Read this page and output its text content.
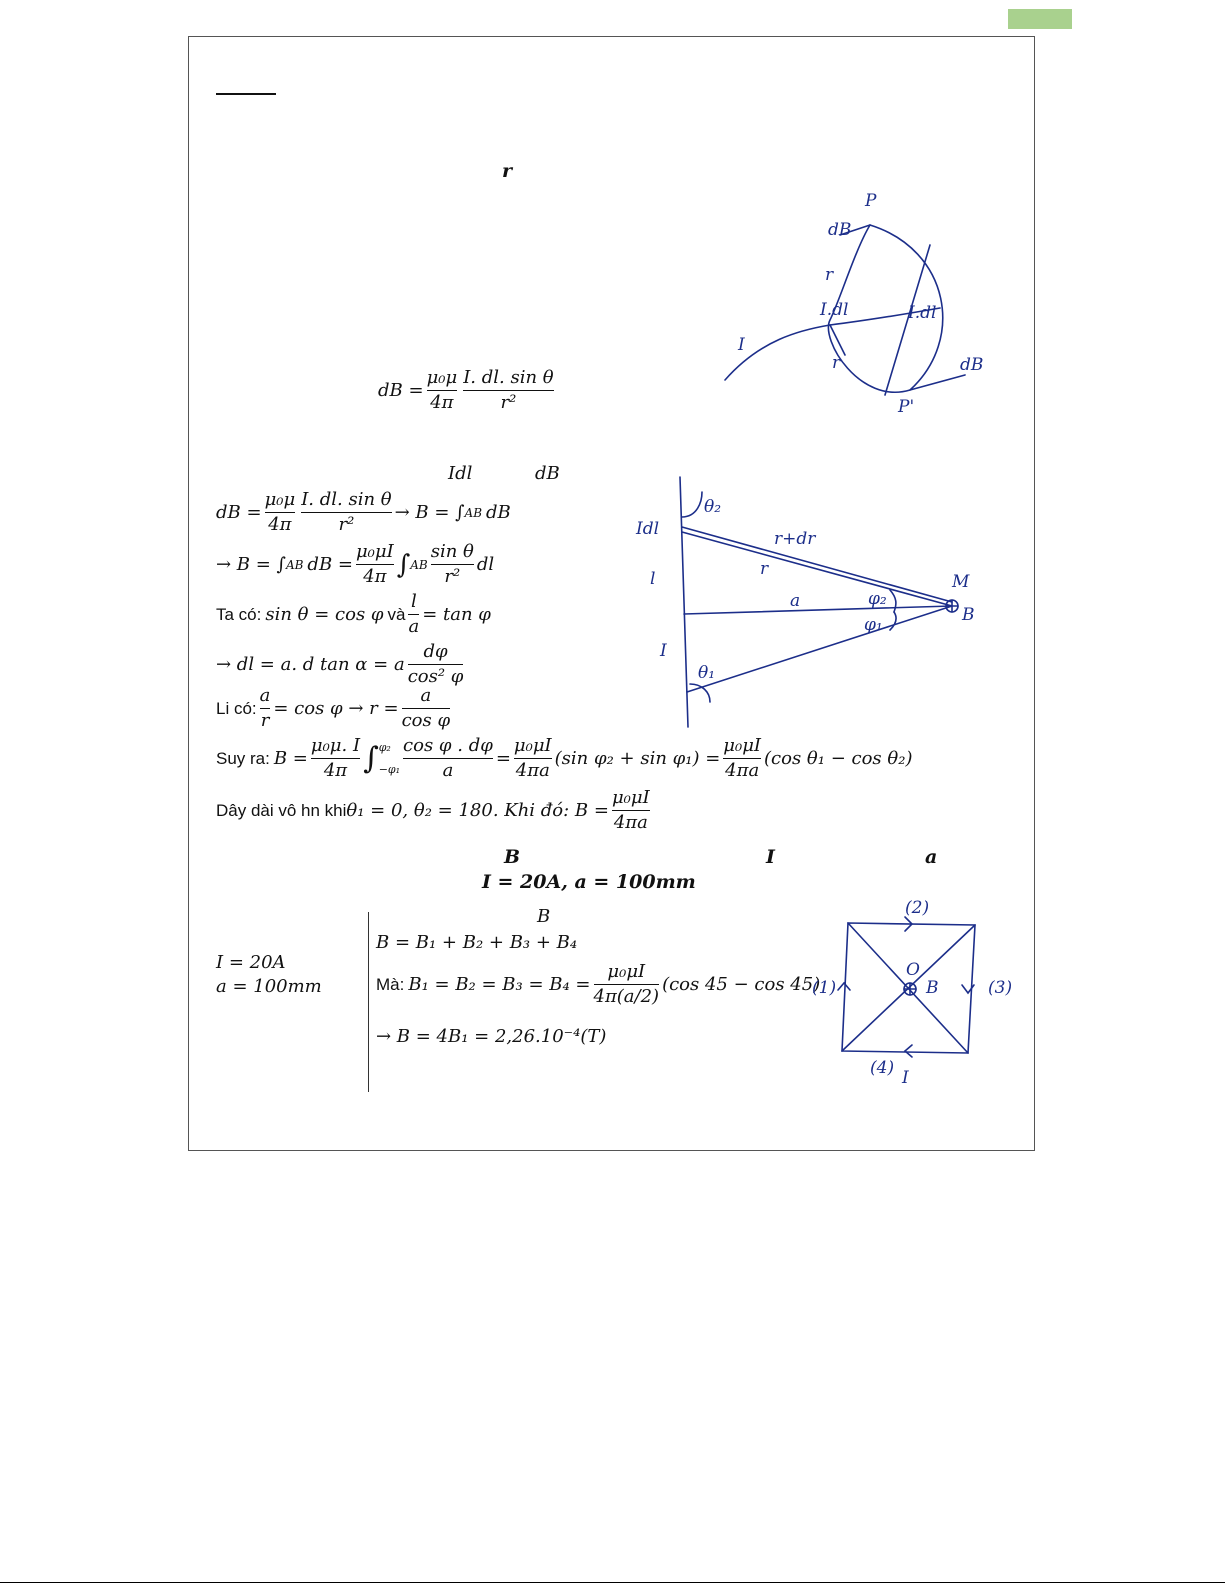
r
dB = $\frac{\text{μ₀μ}}{4\pi} \frac{\text{I. dl. sin θ}}{\text{r²}}$
P
dB
r
I.dl	I.dl
I
r
P'
dB
Idl	dB
dB = $\frac{\text{μ₀μ}}{4\pi} \frac{\text{I. dl. sin θ}}{\text{r²}} \to B$ = ∫ AB dB
→ B = ∫ AB dB = $\frac{\text{μ₀μI}}{4\pi}$ ∫ AB $\frac{\text{sin θ}}{\text{r²}}$ dl
Ta có: sin θ = cos φ và $\frac{l}{a} = \tan \varphi$
→ dl = a. d tan α = a $\frac{d\varphi}{\text{cos² φ}}$
Li có: $\frac{a}{r} = \cos \varphi \to r = \frac{a}{\text{cos φ}}$
Suy ra: $B = \frac{\text{μ₀μ. I}}{4\pi}$ ∫ φ₂
$-\varphi_1 \frac{\text{cos φ . dφ}}{a} = \frac{\text{μ₀μI}}{4\pi a} (\sin$ $\varphi_2 + \sin \varphi_1) = \frac{\text{μ₀μI}}{4\pi a} (\cos$ θ₁ − cos θ₂)
Dây dài vô hn khi θ₁ = 0, θ₂ = 180. Khi đó: $B = \frac{\text{μ₀μI}}{4\pi a}$
θ₂
Idl	r+dr
r
M
B
l
a	φ₂
φ₁
I
θ₁
B	I	a
I = 20A, a = 100mm
I = 20A
a = 100mm
B
B = B₁ + B₂ + B₃ + B₄
Mà: $B_1 = B_2 = B_3 = B_4 = \frac{\text{μ₀μI}}{4\pi(a/2)} (\cos$ 45 − cos 45)
→ B = 4B₁ = 2,26.10⁻⁴(T)
(2)
(1)	(3)
(4) I
O
B
